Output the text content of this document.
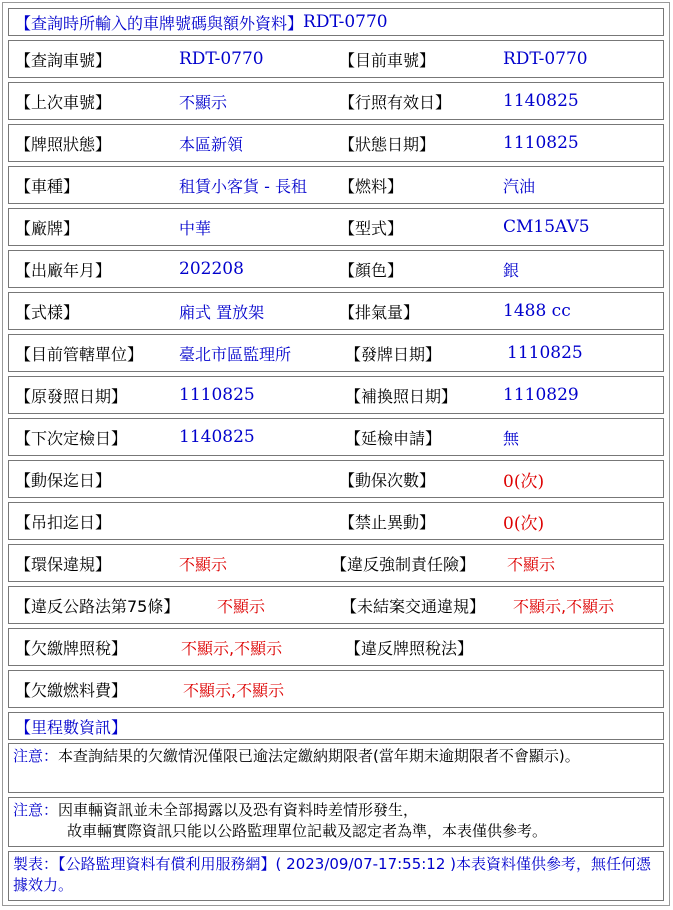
【查詢時所輸入的車牌號碼與額外資料】 RDT-0770
【查詢車號】	RDT-0770	【目前車號】	RDT-0770
【上次車號】	不顯示	【行照有效日】	1140825
【牌照狀態】	本區新領	【狀態日期】	1110825
【車種】	租賃小客貨 - 長租 【燃料】	汽油
【廠牌】	中華	【型式】	CM15AV5
【出廠年月】	202208	【顏色】	銀
【式樣】	廂式 置放架	【排氣量】	1488 cc
【目前管轄單位】 臺北市區監理所	【發牌日期】	1110825
【原發照日期】	1110825	【補換照日期】	1110829
【下次定檢日】	1140825	【延檢申請】	無
【動保迄日】	【動保次數】	0(次)
【吊扣迄日】	【禁止異動】	0(次)
【環保違規】	不顯示	【違反強制責任險】 不顯示
【違反公路法第75條】 不顯示	【未結案交通違規】 不顯示,不顯示
【欠繳牌照稅】	不顯示,不顯示	【違反牌照稅法】
【欠繳燃料費】	不顯示,不顯示
【里程數資訊】
注意：本查詢結果的欠繳情況僅限已逾法定繳納期限者(當年期末逾期限者不會顯示)。
注意：因車輛資訊並未全部揭露以及恐有資料時差情形發生，
故車輛實際資訊只能以公路監理單位記載及認定者為準，本表僅供參考。
製表：【公路監理資料有償利用服務網】( 2023/09/07-17:55:12 )本表資料僅供參考，無任何憑據效力。
